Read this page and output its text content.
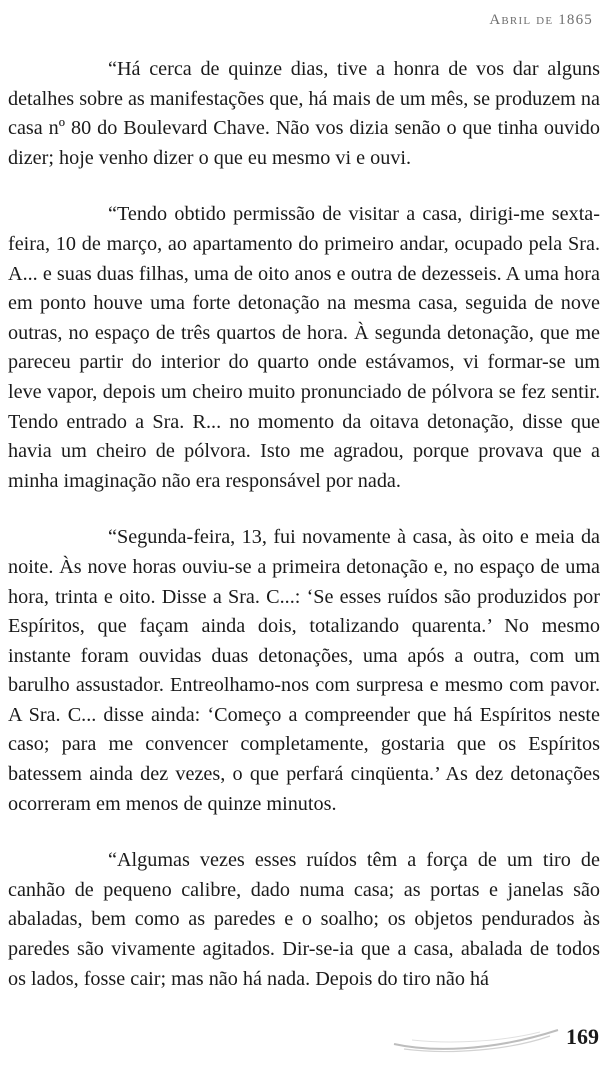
Abril de 1865

“Há cerca de quinze dias, tive a honra de vos dar alguns detalhes sobre as manifestações que, há mais de um mês, se produzem na casa nº 80 do Boulevard Chave. Não vos dizia senão o que tinha ouvido dizer; hoje venho dizer o que eu mesmo vi e ouvi.

“Tendo obtido permissão de visitar a casa, dirigi-me sexta-feira, 10 de março, ao apartamento do primeiro andar, ocupado pela Sra. A... e suas duas filhas, uma de oito anos e outra de dezesseis. A uma hora em ponto houve uma forte detonação na mesma casa, seguida de nove outras, no espaço de três quartos de hora. À segunda detonação, que me pareceu partir do interior do quarto onde estávamos, vi formar-se um leve vapor, depois um cheiro muito pronunciado de pólvora se fez sentir. Tendo entrado a Sra. R... no momento da oitava detonação, disse que havia um cheiro de pólvora. Isto me agradou, porque provava que a minha imaginação não era responsável por nada.

“Segunda-feira, 13, fui novamente à casa, às oito e meia da noite. Às nove horas ouviu-se a primeira detonação e, no espaço de uma hora, trinta e oito. Disse a Sra. C...: ‘Se esses ruídos são produzidos por Espíritos, que façam ainda dois, totalizando quarenta.’ No mesmo instante foram ouvidas duas detonações, uma após a outra, com um barulho assustador. Entreolhamo-nos com surpresa e mesmo com pavor. A Sra. C... disse ainda: ‘Começo a compreender que há Espíritos neste caso; para me convencer completamente, gostaria que os Espíritos batessem ainda dez vezes, o que perfará cinqüenta.’ As dez detonações ocorreram em menos de quinze minutos.

“Algumas vezes esses ruídos têm a força de um tiro de canhão de pequeno calibre, dado numa casa; as portas e janelas são abaladas, bem como as paredes e o soalho; os objetos pendurados às paredes são vivamente agitados. Dir-se-ia que a casa, abalada de todos os lados, fosse cair; mas não há nada. Depois do tiro não há

169
